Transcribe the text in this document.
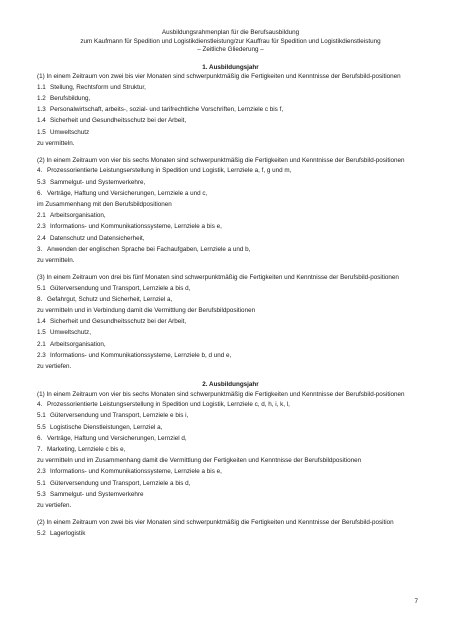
Ausbildungsrahmenplan für die Berufsausbildung
zum Kaufmann für Spedition und Logistikdienstleistung/zur Kauffrau für Spedition und Logistikdienstleistung
– Zeitliche Gliederung –
1. Ausbildungsjahr
(1) In einem Zeitraum von zwei bis vier Monaten sind schwerpunktmäßig die Fertigkeiten und Kenntnisse der Berufsbild-positionen
1.1 Stellung, Rechtsform und Struktur,
1.2 Berufsbildung,
1.3 Personalwirtschaft, arbeits-, sozial- und tarifrechtliche Vorschriften, Lernziele c bis f,
1.4 Sicherheit und Gesundheitsschutz bei der Arbeit,
1.5 Umweltschutz
zu vermitteln.
(2) In einem Zeitraum von vier bis sechs Monaten sind schwerpunktmäßig die Fertigkeiten und Kenntnisse der Berufsbild-positionen
4. Prozessorientierte Leistungserstellung in Spedition und Logistik, Lernziele a, f, g und m,
5.3 Sammelgut- und Systemverkehre,
6. Verträge, Haftung und Versicherungen, Lernziele a und c,
im Zusammenhang mit den Berufsbildpositionen
2.1 Arbeitsorganisation,
2.3 Informations- und Kommunikationssysteme, Lernziele a bis e,
2.4 Datenschutz und Datensicherheit,
3. Anwenden der englischen Sprache bei Fachaufgaben, Lernziele a und b,
zu vermitteln.
(3) In einem Zeitraum von drei bis fünf Monaten sind schwerpunktmäßig die Fertigkeiten und Kenntnisse der Berufsbild-positionen
5.1 Güterversendung und Transport, Lernziele a bis d,
8. Gefahrgut, Schutz und Sicherheit, Lernziel a,
zu vermitteln und in Verbindung damit die Vermittlung der Berufsbildpositionen
1.4 Sicherheit und Gesundheitsschutz bei der Arbeit,
1.5 Umweltschutz,
2.1 Arbeitsorganisation,
2.3 Informations- und Kommunikationssysteme, Lernziele b, d und e,
zu vertiefen.
2. Ausbildungsjahr
(1) In einem Zeitraum von vier bis sechs Monaten sind schwerpunktmäßig die Fertigkeiten und Kenntnisse der Berufsbild-positionen
4. Prozessorientierte Leistungserstellung in Spedition und Logistik, Lernziele c, d, h, i, k, l,
5.1 Güterversendung und Transport, Lernziele e bis i,
5.5 Logistische Dienstleistungen, Lernziel a,
6. Verträge, Haftung und Versicherungen, Lernziel d,
7. Marketing, Lernziele c bis e,
zu vermitteln und im Zusammenhang damit die Vermittlung der Fertigkeiten und Kenntnisse der Berufsbildpositionen
2.3 Informations- und Kommunikationssysteme, Lernziele a bis e,
5.1 Güterversendung und Transport, Lernziele a bis d,
5.3 Sammelgut- und Systemverkehre
zu vertiefen.
(2) In einem Zeitraum von zwei bis vier Monaten sind schwerpunktmäßig die Fertigkeiten und Kenntnisse der Berufsbild-position
5.2 Lagerlogistik
7
